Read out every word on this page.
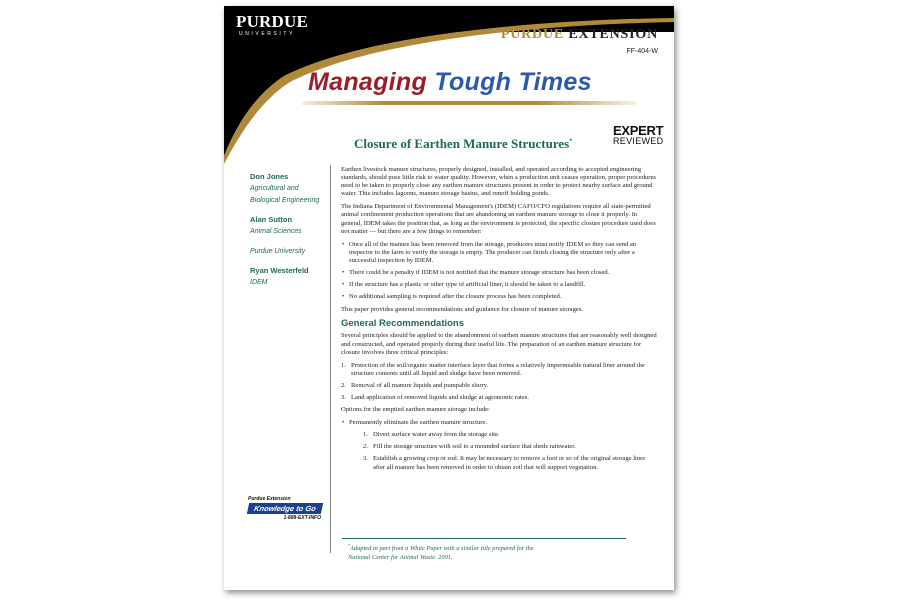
PURDUE
UNIVERSITY	PURDUE EXTENSION
FF-404-W
Managing Tough Times
Closure of Earthen Manure Structures*
EXPERT
REVIEWED
Don Jones
Agricultural and
Biological Engineering
Alan Sutton
Animal Sciences
Purdue University
Ryan Westerfeld
IDEM

Earthen livestock manure structures, properly designed, installed, and operated according to accepted engineering standards, should pose little risk to water quality. However, when a production unit ceases operation, proper procedures need to be taken to properly close any earthen manure structures present in order to protect nearby surface and ground water. This includes lagoons, manure storage basins, and runoff holding ponds.

The Indiana Department of Environmental Management's (IDEM) CAFO/CFO regulations require all state-permitted animal confinement production operations that are abandoning an earthen manure storage to close it properly. In general, IDEM takes the position that, as long as the environment is protected, the specific closure procedure used does not matter — but there are a few things to remember:

• Once all of the manure has been removed from the storage, producers must notify IDEM so they can send an inspector to the farm to verify the storage is empty. The producer can finish closing the structure only after a successful inspection by IDEM.
• There could be a penalty if IDEM is not notified that the manure storage structure has been closed.
• If the structure has a plastic or other type of artificial liner, it should be taken to a landfill.
• No additional sampling is required after the closure process has been completed.

This paper provides general recommendations and guidance for closure of manure storages.

General Recommendations

Several principles should be applied to the abandonment of earthen manure structures that are reasonably well designed and constructed, and operated properly during their useful life. The preparation of an earthen manure structure for closure involves three critical principles:

1. Protection of the soil/organic matter interface layer that forms a relatively impermeable natural liner around the structure contents until all liquid and sludge have been removed.
2. Removal of all manure liquids and pumpable slurry.
3. Land application of removed liquids and sludge at agronomic rates.

Options for the emptied earthen manure storage include:

• Permanently eliminate the earthen manure structure.
1. Divert surface water away from the storage site.
2. Fill the storage structure with soil to a mounded surface that sheds rainwater.
3. Establish a growing crop or sod. It may be necessary to remove a foot or so of the original storage liner after all manure has been removed in order to obtain soil that will support vegetation.
Purdue Extension
Knowledge to Go
1-888-EXT-INFO
*Adapted in part from a White Paper with a similar title prepared for the
National Center for Animal Waste. 2001.
